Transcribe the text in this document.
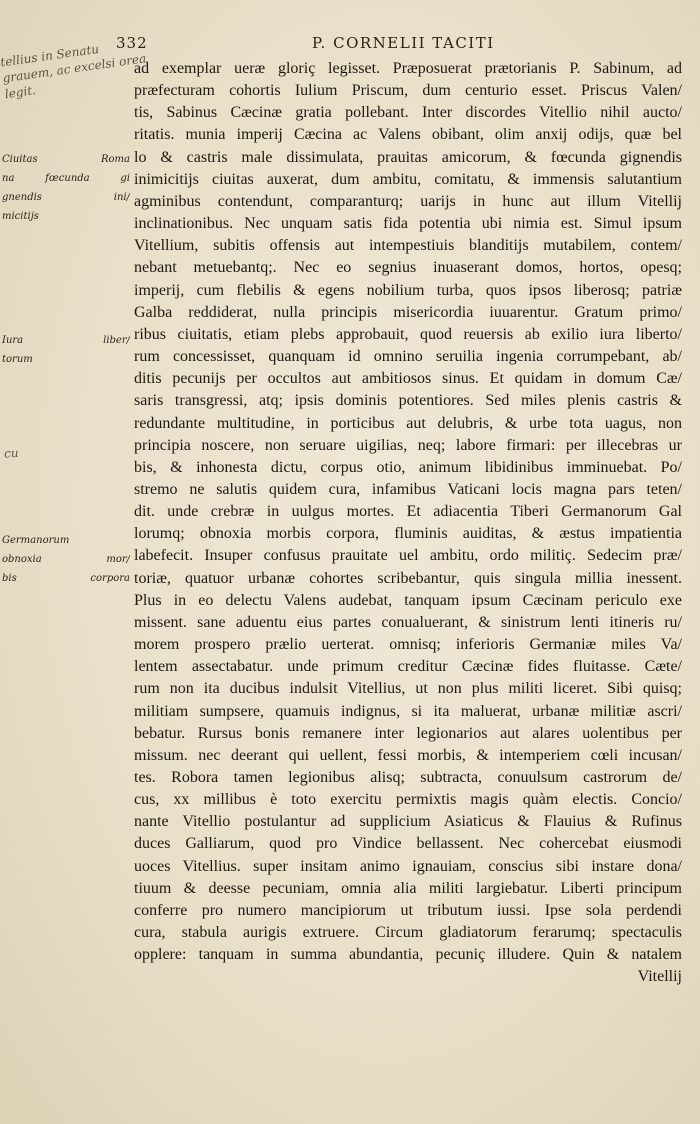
332	P. CORNELII TACITI
tellius in Senatu grauem, ac excelsi orea legit.
cu
Ciuitas Roma
na fœcunda gi
gnendis ini/
micitijs
Iura liber/
torum
Germanorum
obnoxia mor/
bis corpora
ad exemplar ueræ gloriç legisset. Præposuerat prætorianis P. Sabinum, ad
præfecturam cohortis Iulium Priscum, dum centurio esset. Priscus Valen/
tis, Sabinus Cæcinæ gratia pollebant. Inter discordes Vitellio nihil aucto/
ritatis. munia imperij Cæcina ac Valens obibant, olim anxij odijs, quæ bel
lo & castris male dissimulata, prauitas amicorum, & fœcunda gignendis
inimicitijs ciuitas auxerat, dum ambitu, comitatu, & immensis salutantium
agminibus contendunt, comparanturq; uarijs in hunc aut illum Vitellij
inclinationibus. Nec unquam satis fida potentia ubi nimia est. Simul ipsum
Vitellium, subitis offensis aut intempestiuis blanditijs mutabilem, contem/
nebant metuebantq;. Nec eo segnius inuaserant domos, hortos, opesq;
imperij, cum flebilis & egens nobilium turba, quos ipsos liberosq; patriæ
Galba reddiderat, nulla principis misericordia iuuarentur. Gratum primo/
ribus ciuitatis, etiam plebs approbauit, quod reuersis ab exilio iura liberto/
rum concessisset, quanquam id omnino seruilia ingenia corrumpebant, ab/
ditis pecunijs per occultos aut ambitiosos sinus. Et quidam in domum Cæ/
saris transgressi, atq; ipsis dominis potentiores. Sed miles plenis castris &
redundante multitudine, in porticibus aut delubris, & urbe tota uagus, non
principia noscere, non seruare uigilias, neq; labore firmari: per illecebras ur
bis, & inhonesta dictu, corpus otio, animum libidinibus imminuebat. Po/
stremo ne salutis quidem cura, infamibus Vaticani locis magna pars teten/
dit. unde crebræ in uulgus mortes. Et adiacentia Tiberi Germanorum Gal
lorumq; obnoxia morbis corpora, fluminis auiditas, & æstus impatientia
labefecit. Insuper confusus prauitate uel ambitu, ordo militiç. Sedecim præ/
toriæ, quatuor urbanæ cohortes scribebantur, quis singula millia inessent.
Plus in eo delectu Valens audebat, tanquam ipsum Cæcinam periculo exe
missent. sane aduentu eius partes conualuerant, & sinistrum lenti itineris ru/
morem prospero prælio uerterat. omnisq; inferioris Germaniæ miles Va/
lentem assectabatur. unde primum creditur Cæcinæ fides fluitasse. Cæte/
rum non ita ducibus indulsit Vitellius, ut non plus militi liceret. Sibi quisq;
militiam sumpsere, quamuis indignus, si ita maluerat, urbanæ militiæ ascri/
bebatur. Rursus bonis remanere inter legionarios aut alares uolentibus per
missum. nec deerant qui uellent, fessi morbis, & intemperiem cœli incusan/
tes. Robora tamen legionibus alisq; subtracta, conuulsum castrorum de/
cus, xx millibus è toto exercitu permixtis magis quàm electis. Concio/
nante Vitellio postulantur ad supplicium Asiaticus & Flauius & Rufinus
duces Galliarum, quod pro Vindice bellassent. Nec cohercebat eiusmodi
uoces Vitellius. super insitam animo ignauiam, conscius sibi instare dona/
tiuum & deesse pecuniam, omnia alia militi largiebatur. Liberti principum
conferre pro numero mancipiorum ut tributum iussi. Ipse sola perdendi
cura, stabula aurigis extruere. Circum gladiatorum ferarumq; spectaculis
opplere: tanquam in summa abundantia, pecuniç illudere. Quin & natalem
Vitellij
